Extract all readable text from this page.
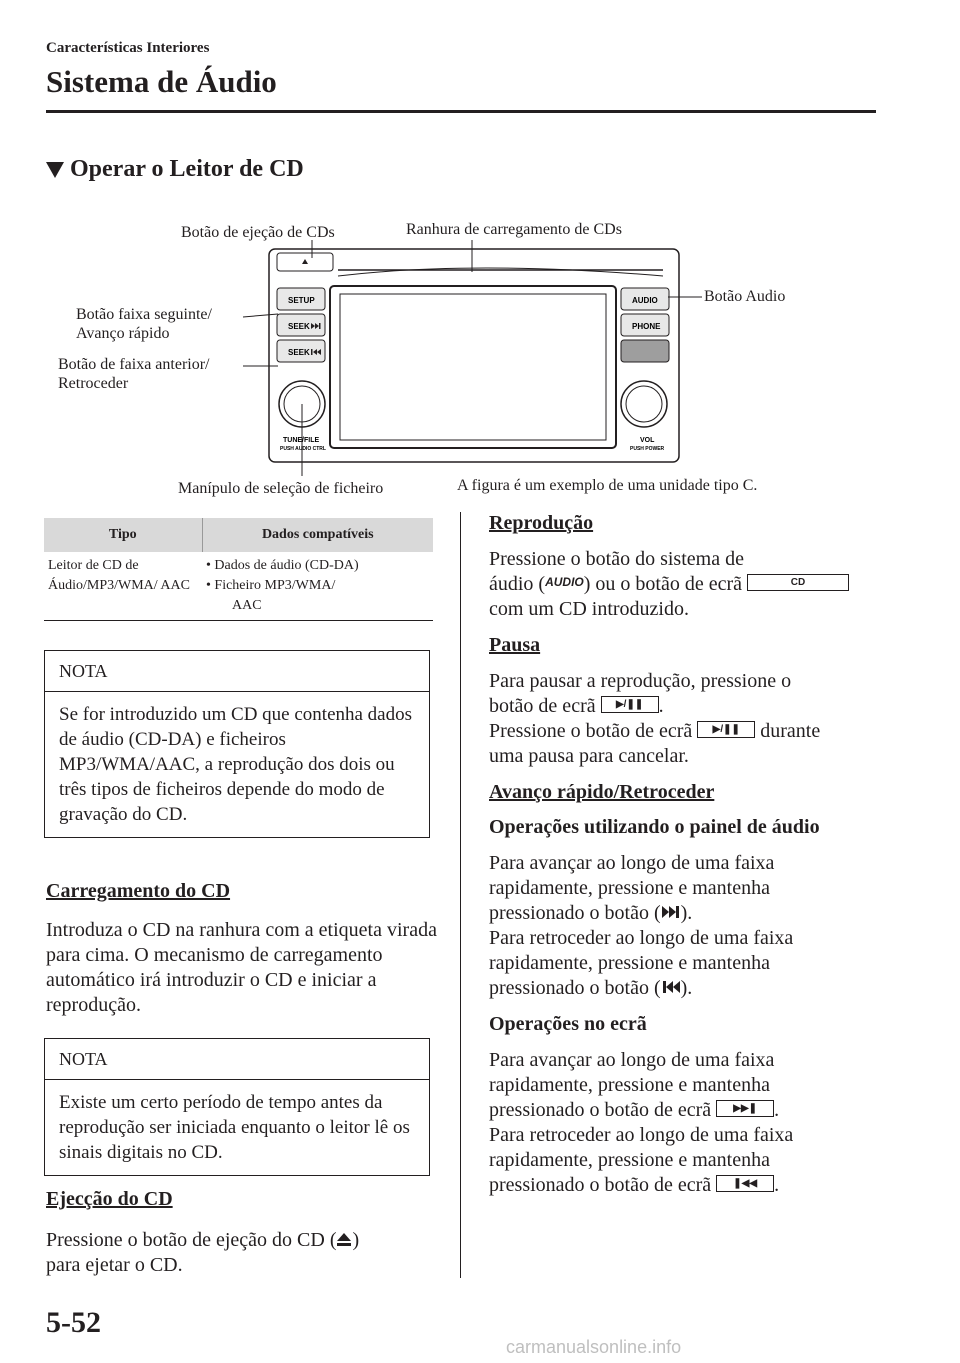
Características Interiores
Sistema de Áudio
Operar o Leitor de CD
SETUP
SEEK
SEEK
AUDIO
PHONE
TUNE/FILE
PUSH AUDIO CTRL
VOL
PUSH POWER
Botão de ejeção de CDs	Ranhura de carregamento de CDs
Botão Audio
Botão faixa seguinte/
Avanço rápido
Botão de faixa anterior/
Retroceder
Manípulo de seleção de ficheiro	A figura é um exemplo de uma unidade tipo C.
Tipo	Dados compatíveis
Leitor de CD de Áudio/MP3/WMA/ AAC	• Dados de áudio (CD-DA)
• Ficheiro MP3/WMA/
AAC
NOTA
Se for introduzido um CD que contenha dados de áudio (CD-DA) e ficheiros MP3/WMA/AAC, a reprodução dos dois ou três tipos de ficheiros depende do modo de gravação do CD.
Carregamento do CD
Introduza o CD na ranhura com a etiqueta virada para cima. O mecanismo de carregamento automático irá introduzir o CD e iniciar a reprodução.
NOTA
Existe um certo período de tempo antes da reprodução ser iniciada enquanto o leitor lê os sinais digitais no CD.
Ejecção do CD
Pressione o botão de ejeção do CD ( )
para ejetar o CD.
Reprodução
Pressione o botão do sistema de
áudio (AUDIO) ou o botão de ecrã	CD
com um CD introduzido.
Pausa
Para pausar a reprodução, pressione o
botão de ecrã ▶/❚❚ .
Pressione o botão de ecrã ▶/❚❚ durante
uma pausa para cancelar.
Avanço rápido/Retroceder
Operações utilizando o painel de áudio
Para avançar ao longo de uma faixa
rapidamente, pressione e mantenha
pressionado o botão ( ).
Para retroceder ao longo de uma faixa
rapidamente, pressione e mantenha
pressionado o botão ( ).
Operações no ecrã
Para avançar ao longo de uma faixa
rapidamente, pressione e mantenha
pressionado o botão de ecrã ▶▶❚ .
Para retroceder ao longo de uma faixa
rapidamente, pressione e mantenha
pressionado o botão de ecrã ❚◀◀ .
5-52
carmanualsonline.info
